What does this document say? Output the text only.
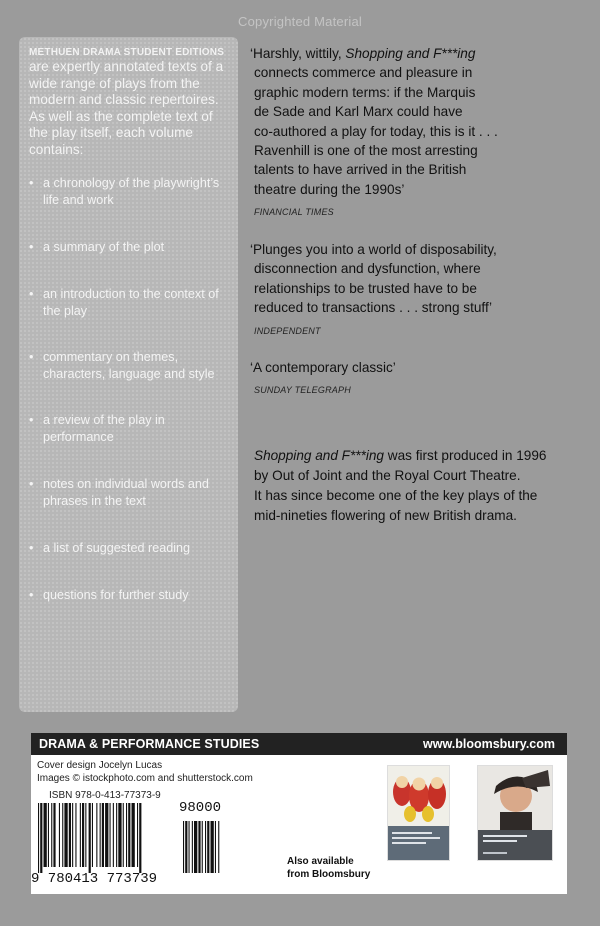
Copyrighted Material
METHUEN DRAMA STUDENT EDITIONS
are expertly annotated texts of a wide range of plays from the modern and classic repertoires. As well as the complete text of the play itself, each volume contains:
• a chronology of the playwright’s life and work
• a summary of the plot
• an introduction to the context of the play
• commentary on themes, characters, language and style
• a review of the play in performance
• notes on individual words and phrases in the text
• a list of suggested reading
• questions for further study
‘Harshly, wittily, Shopping and F***ing
connects commerce and pleasure in
graphic modern terms: if the Marquis
de Sade and Karl Marx could have
co-authored a play for today, this is it . . .
Ravenhill is one of the most arresting
talents to have arrived in the British
theatre during the 1990s’
FINANCIAL TIMES
‘Plunges you into a world of disposability,
disconnection and dysfunction, where
relationships to be trusted have to be
reduced to transactions . . . strong stuff’
INDEPENDENT
‘A contemporary classic’
SUNDAY TELEGRAPH
Shopping and F***ing was first produced in 1996
by Out of Joint and the Royal Court Theatre.
It has since become one of the key plays of the
mid-nineties flowering of new British drama.
DRAMA & PERFORMANCE STUDIES	www.bloomsbury.com
Cover design Jocelyn Lucas
Images © istockphoto.com and shutterstock.com
ISBN 978-0-413-77373-9
98000
9 780413 773739
Also available
from Bloomsbury
